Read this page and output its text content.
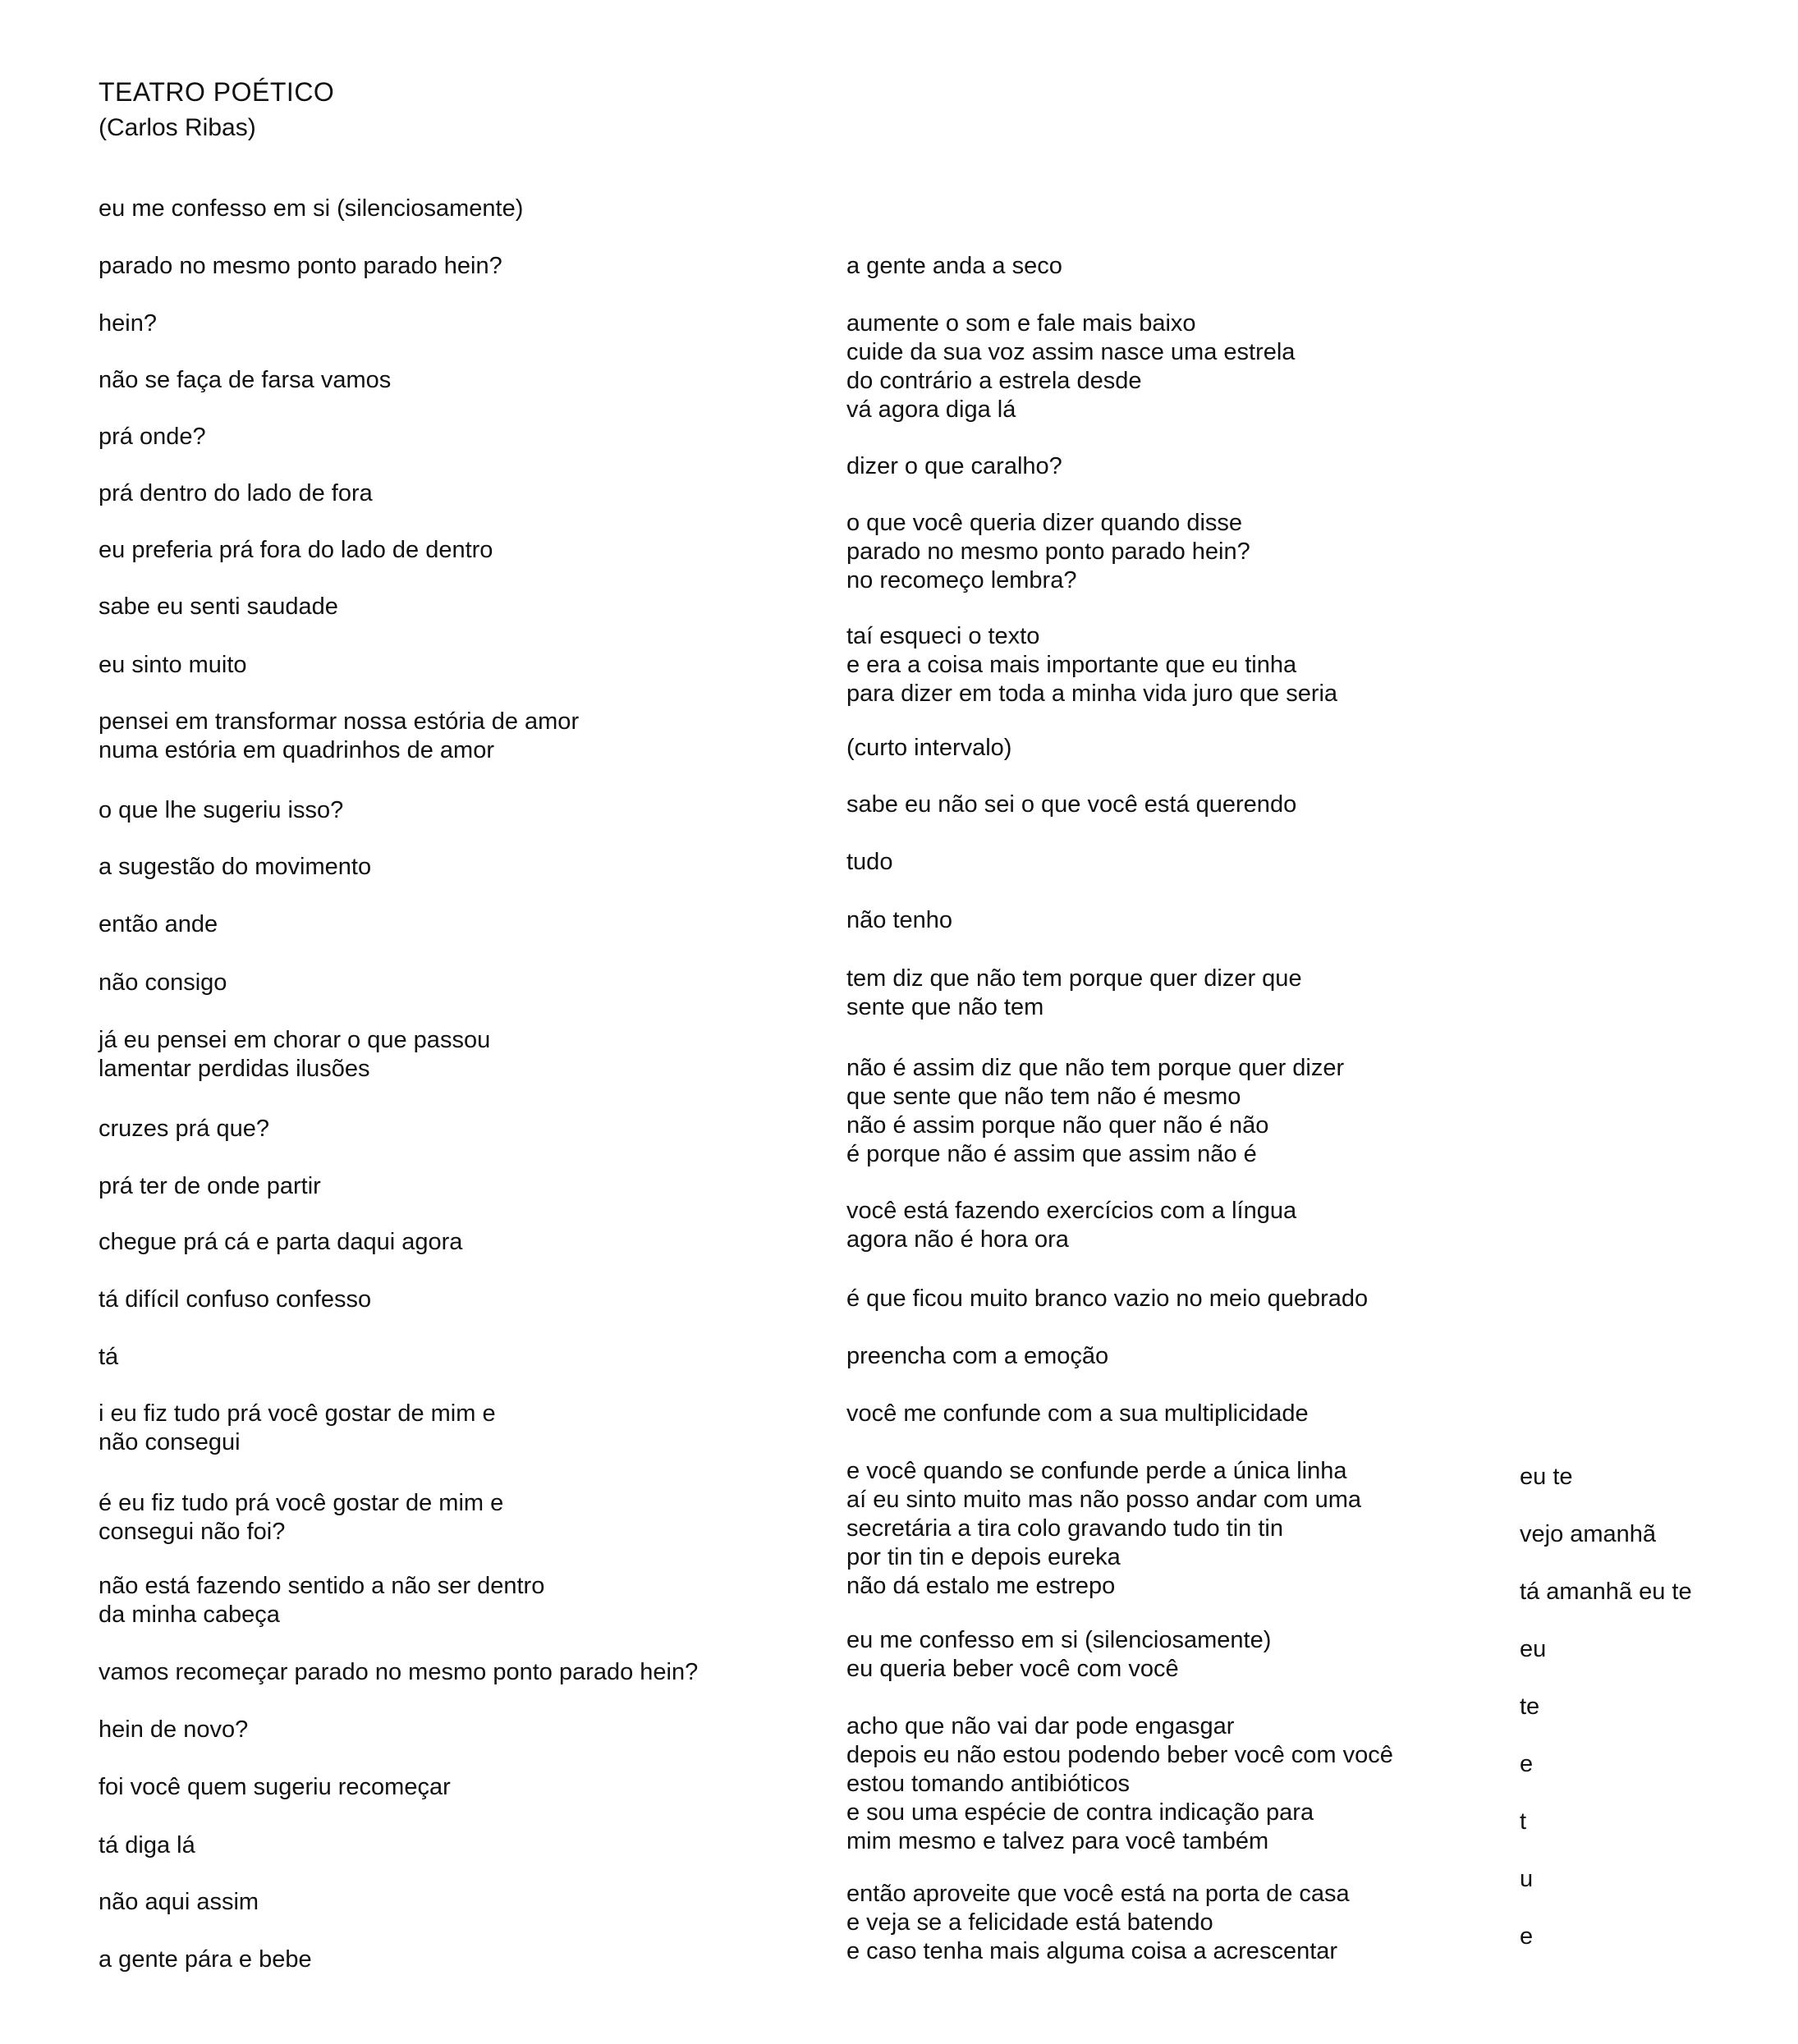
TEATRO POÉTICO
(Carlos Ribas)
eu me confesso em si (silenciosamente)
parado no mesmo ponto parado hein?
hein?
não se faça de farsa vamos
prá onde?
prá dentro do lado de fora
eu preferia prá fora do lado de dentro
sabe eu senti saudade
eu sinto muito
pensei em transformar nossa estória de amor
numa estória em quadrinhos de amor
o que lhe sugeriu isso?
a sugestão do movimento
então ande
não consigo
já eu pensei em chorar o que passou
lamentar perdidas ilusões
cruzes prá que?
prá ter de onde partir
chegue prá cá e parta daqui agora
tá difícil confuso confesso
tá
i eu fiz tudo prá você gostar de mim e
não consegui
é eu fiz tudo prá você gostar de mim e
consegui não foi?
não está fazendo sentido a não ser dentro
da minha cabeça
vamos recomeçar parado no mesmo ponto parado hein?
hein de novo?
foi você quem sugeriu recomeçar
tá diga lá
não aqui assim
a gente pára e bebe
a gente anda a seco
aumente o som e fale mais baixo
cuide da sua voz assim nasce uma estrela
do contrário a estrela desde
vá agora diga lá
dizer o que caralho?
o que você queria dizer quando disse
parado no mesmo ponto parado hein?
no recomeço lembra?
taí esqueci o texto
e era a coisa mais importante que eu tinha
para dizer em toda a minha vida juro que seria
(curto intervalo)
sabe eu não sei o que você está querendo
tudo
não tenho
tem diz que não tem porque quer dizer que
sente que não tem
não é assim diz que não tem porque quer dizer
que sente que não tem não é mesmo
não é assim porque não quer não é não
é porque não é assim que assim não é
você está fazendo exercícios com a língua
agora não é hora ora
é que ficou muito branco vazio no meio quebrado
preencha com a emoção
você me confunde com a sua multiplicidade
e você quando se confunde perde a única linha
aí eu sinto muito mas não posso andar com uma
secretária a tira colo gravando tudo tin tin
por tin tin e depois eureka
não dá estalo me estrepo
eu me confesso em si (silenciosamente)
eu queria beber você com você
acho que não vai dar pode engasgar
depois eu não estou podendo beber você com você
estou tomando antibióticos
e sou uma espécie de contra indicação para
mim mesmo e talvez para você também
então aproveite que você está na porta de casa
e veja se a felicidade está batendo
e caso tenha mais alguma coisa a acrescentar
eu te
vejo amanhã
tá amanhã eu te
eu
te
e
t
u
e
